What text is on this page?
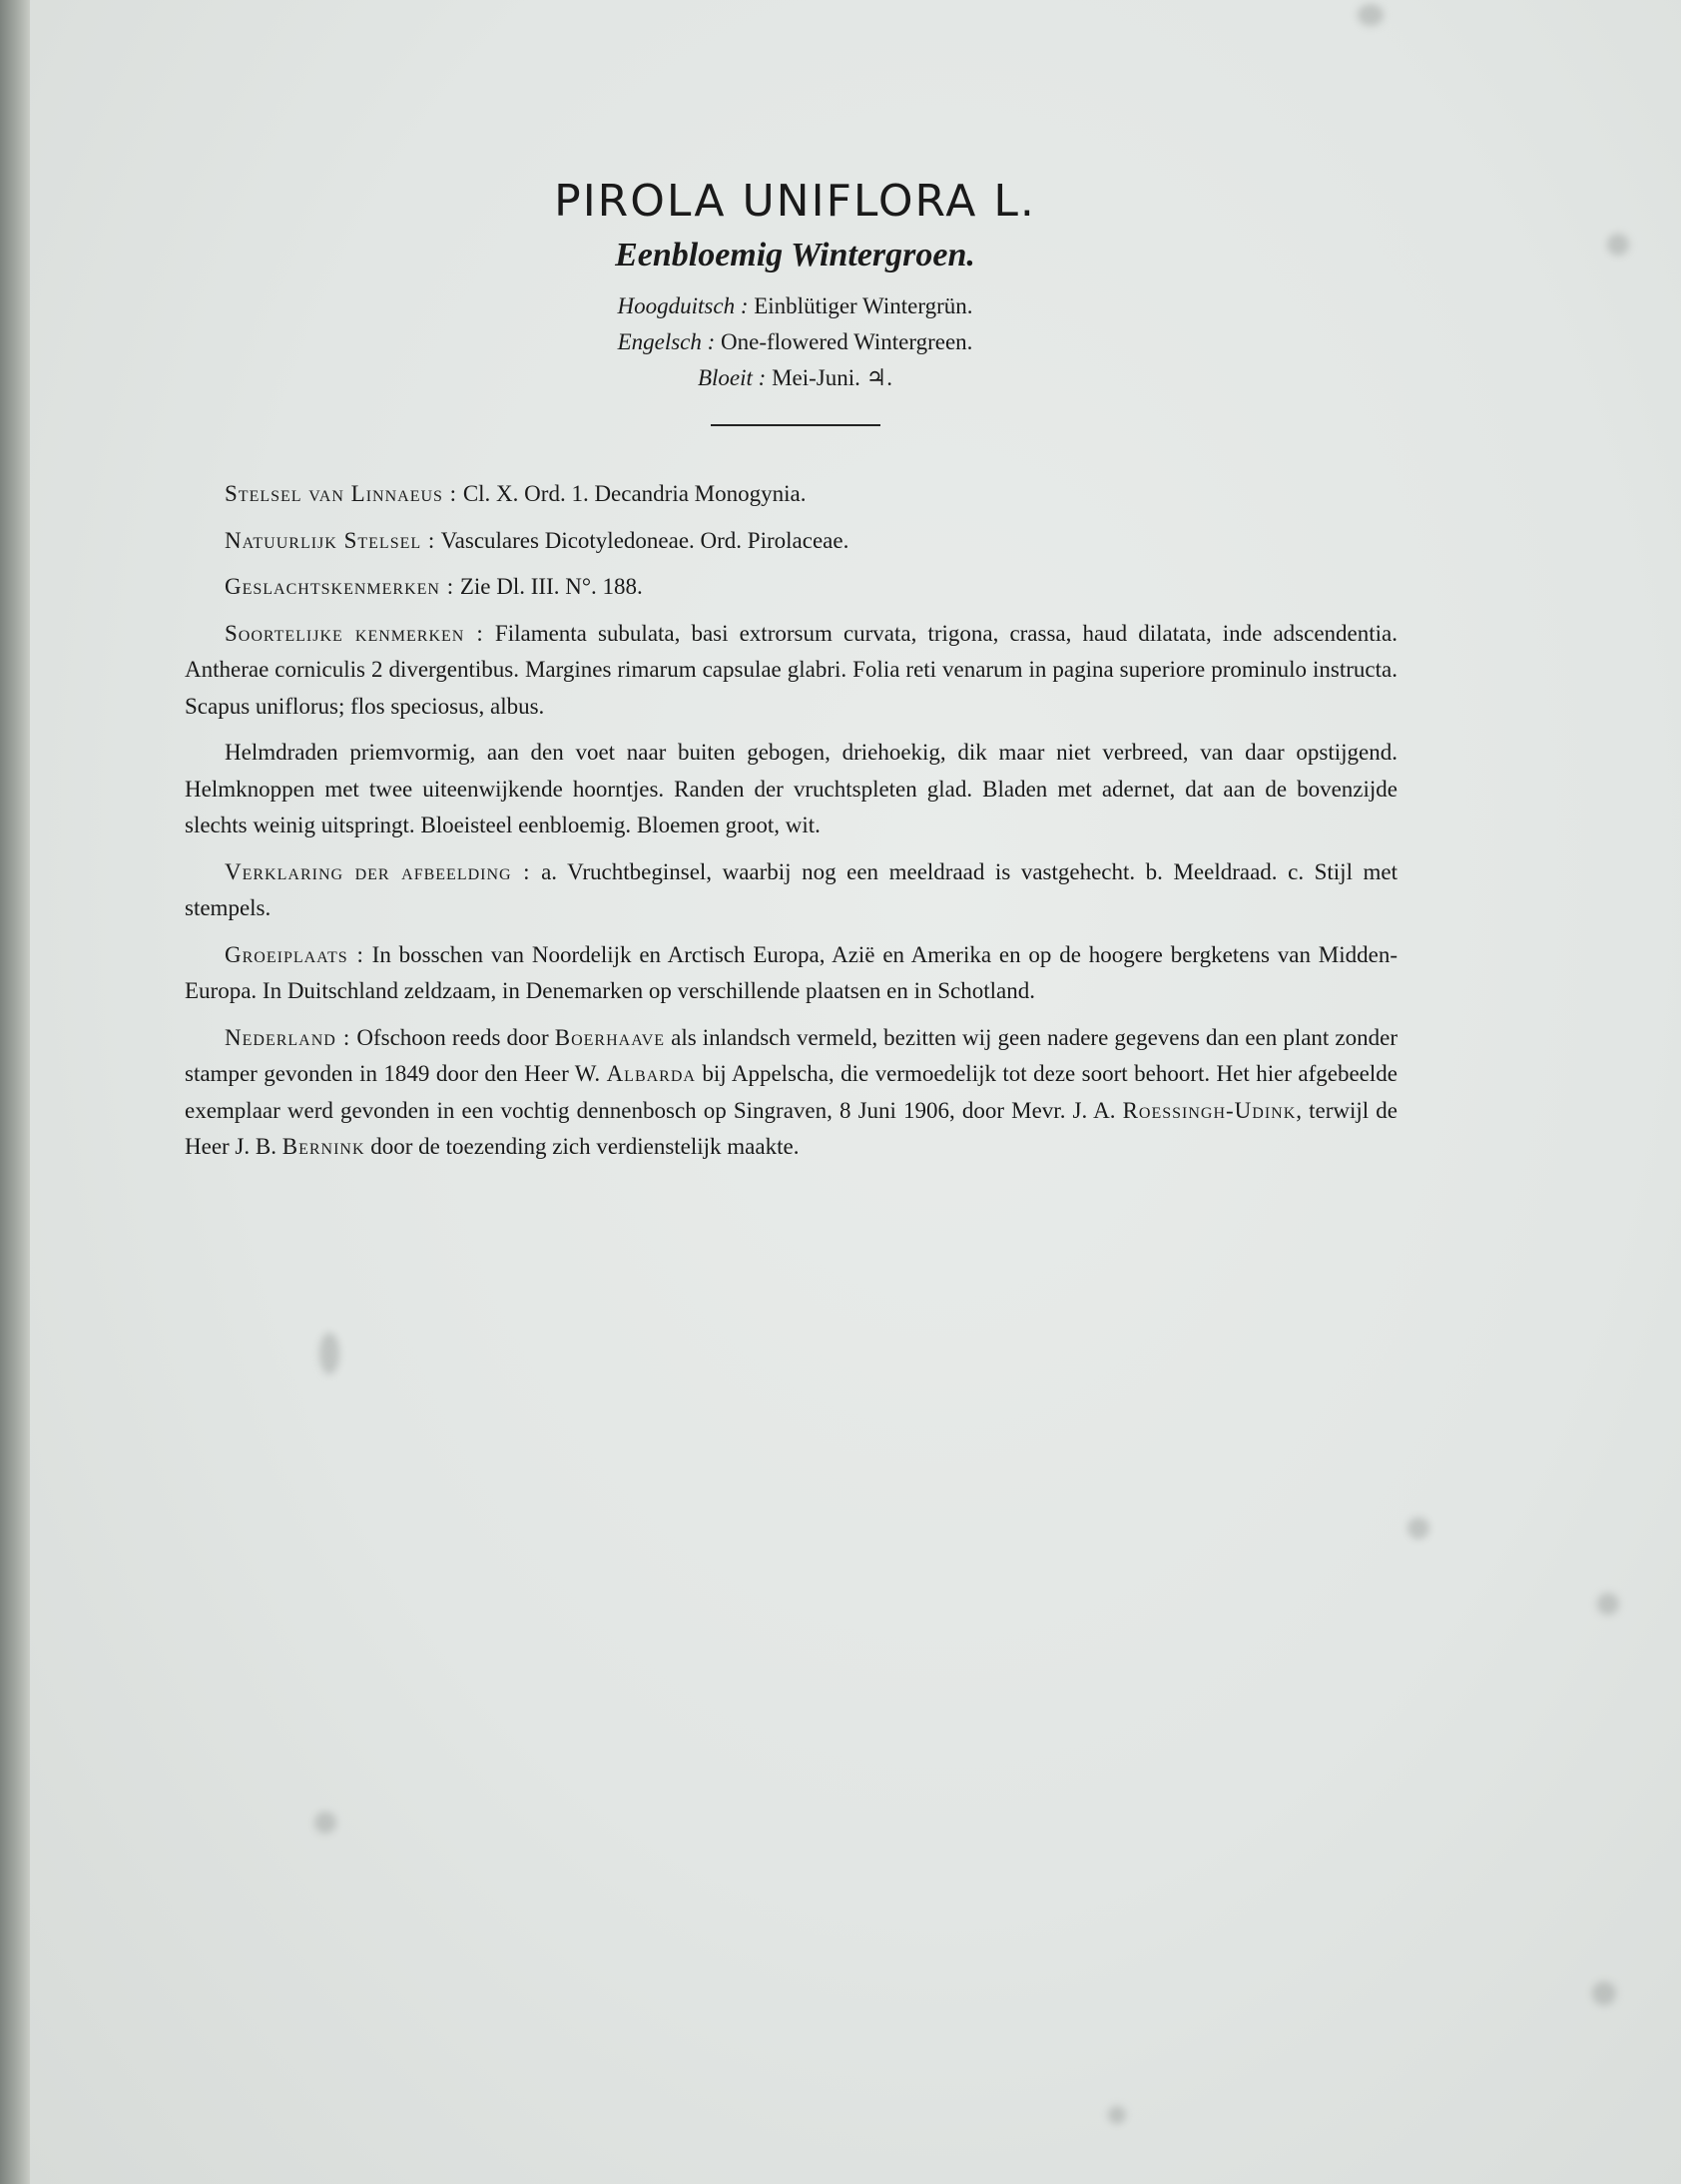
PIROLA UNIFLORA L.
Eenbloemig Wintergroen.
Hoogduitsch : Einblütiger Wintergrün.
Engelsch : One-flowered Wintergreen.
Bloeit : Mei-Juni. ♃.

Stelsel van Linnaeus : Cl. X. Ord. 1. Decandria Monogynia.

Natuurlijk Stelsel : Vasculares Dicotyledoneae. Ord. Pirolaceae.

Geslachtskenmerken : Zie Dl. III. N°. 188.

Soortelijke kenmerken : Filamenta subulata, basi extrorsum curvata, trigona, crassa, haud dilatata, inde adscendentia. Antherae corniculis 2 divergentibus. Margines rimarum capsulae glabri. Folia reti venarum in pagina superiore prominulo instructa. Scapus uniflorus; flos speciosus, albus.

Helmdraden priemvormig, aan den voet naar buiten gebogen, driehoekig, dik maar niet verbreed, van daar opstijgend. Helmknoppen met twee uiteenwijkende hoorntjes. Randen der vruchtspleten glad. Bladen met adernet, dat aan de bovenzijde slechts weinig uitspringt. Bloeisteel eenbloemig. Bloemen groot, wit.

Verklaring der afbeelding : a. Vruchtbeginsel, waarbij nog een meeldraad is vastgehecht. b. Meeldraad. c. Stijl met stempels.

Groeiplaats : In bosschen van Noordelijk en Arctisch Europa, Azië en Amerika en op de hoogere bergketens van Midden-Europa. In Duitschland zeldzaam, in Denemarken op verschillende plaatsen en in Schotland.

Nederland : Ofschoon reeds door Boerhaave als inlandsch vermeld, bezitten wij geen nadere gegevens dan een plant zonder stamper gevonden in 1849 door den Heer W. Albarda bij Appelscha, die vermoedelijk tot deze soort behoort. Het hier afgebeelde exemplaar werd gevonden in een vochtig dennenbosch op Singraven, 8 Juni 1906, door Mevr. J. A. Roessingh-Udink, terwijl de Heer J. B. Bernink door de toezending zich verdienstelijk maakte.
